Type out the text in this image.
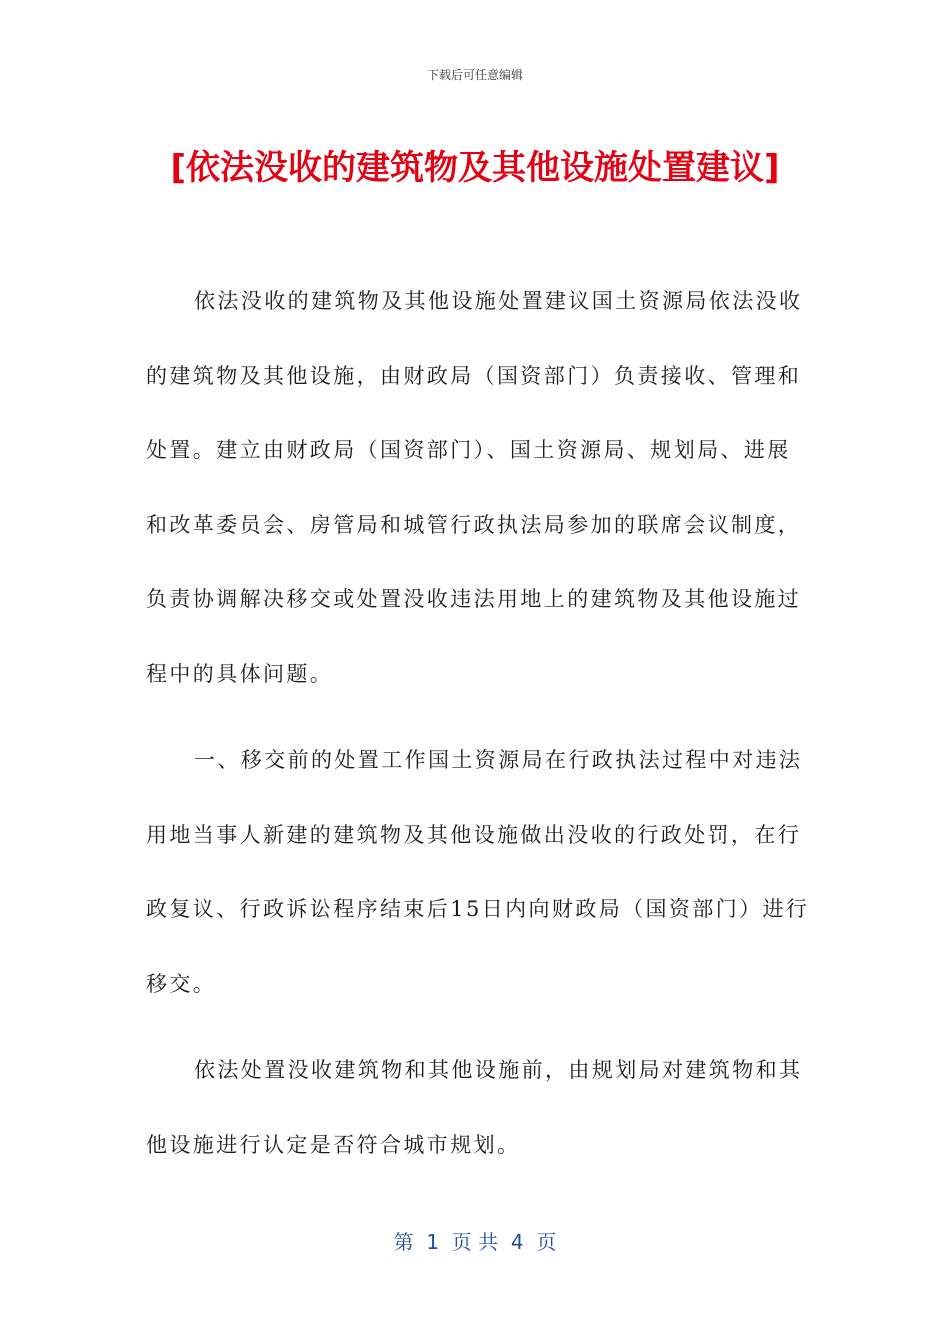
下载后可任意编辑
[依法没收的建筑物及其他设施处置建议]

依法没收的建筑物及其他设施处置建议国土资源局依法没收的建筑物及其他设施，由财政局（国资部门）负责接收、管理和处置。建立由财政局（国资部门）、国土资源局、规划局、进展和改革委员会、房管局和城管行政执法局参加的联席会议制度，负责协调解决移交或处置没收违法用地上的建筑物及其他设施过程中的具体问题。

一、移交前的处置工作国土资源局在行政执法过程中对违法用地当事人新建的建筑物及其他设施做出没收的行政处罚，在行政复议、行政诉讼程序结束后15日内向财政局（国资部门）进行移交。

依法处置没收建筑物和其他设施前，由规划局对建筑物和其他设施进行认定是否符合城市规划。

第  1  页 共  4  页
